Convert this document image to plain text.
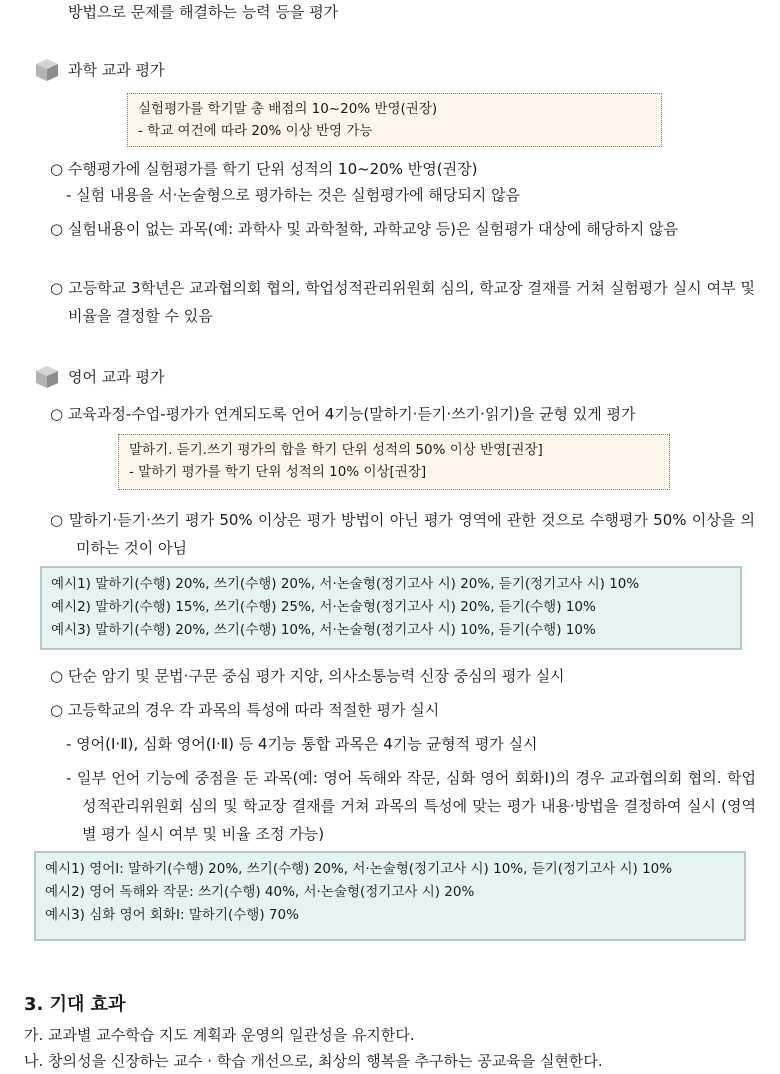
방법으로 문제를 해결하는 능력 등을 평가
과학 교과 평가
실험평가를 학기말 총 배점의 10~20% 반영(권장)
- 학교 여건에 따라 20% 이상 반영 가능
○ 수행평가에 실험평가를 학기 단위 성적의 10~20% 반영(권장)
- 실험 내용을 서·논술형으로 평가하는 것은 실험평가에 해당되지 않음
○ 실험내용이 없는 과목(예: 과학사 및 과학철학, 과학교양 등)은 실험평가 대상에 해당하지 않음
○ 고등학교 3학년은 교과협의회 협의, 학업성적관리위원회 심의, 학교장 결재를 거쳐 실험평가 실시 여부 및 비율을 결정할 수 있음
영어 교과 평가
○ 교육과정-수업-평가가 연계되도록 언어 4기능(말하기·듣기·쓰기·읽기)을 균형 있게 평가
말하기. 듣기.쓰기 평가의 합을 학기 단위 성적의 50% 이상 반영[권장]
- 말하기 평가를 학기 단위 성적의 10% 이상[권장]
○ 말하기·듣기·쓰기 평가 50% 이상은 평가 방법이 아닌 평가 영역에 관한 것으로 수행평가 50% 이상을 의미하는 것이 아님
예시1) 말하기(수행) 20%, 쓰기(수행) 20%, 서·논술형(정기고사 시) 20%, 듣기(정기고사 시) 10%
예시2) 말하기(수행) 15%, 쓰기(수행) 25%, 서·논술형(정기고사 시) 20%, 듣기(수행) 10%
예시3) 말하기(수행) 20%, 쓰기(수행) 10%, 서·논술형(정기고사 시) 10%, 듣기(수행) 10%
○ 단순 암기 및 문법·구문 중심 평가 지양, 의사소통능력 신장 중심의 평가 실시
○ 고등학교의 경우 각 과목의 특성에 따라 적절한 평가 실시
- 영어(Ⅰ·Ⅱ), 심화 영어(Ⅰ·Ⅱ) 등 4기능 통합 과목은 4기능 균형적 평가 실시
- 일부 언어 기능에 중점을 둔 과목(예: 영어 독해와 작문, 심화 영어 회화Ⅰ)의 경우 교과협의회 협의. 학업성적관리위원회 심의 및 학교장 결재를 거쳐 과목의 특성에 맞는 평가 내용·방법을 결정하여 실시 (영역별 평가 실시 여부 및 비율 조정 가능)
예시1) 영어Ⅰ: 말하기(수행) 20%, 쓰기(수행) 20%, 서·논술형(정기고사 시) 10%, 듣기(정기고사 시) 10%
예시2) 영어 독해와 작문: 쓰기(수행) 40%, 서·논술형(정기고사 시) 20%
예시3) 심화 영어 회화Ⅰ: 말하기(수행) 70%
3. 기대 효과
가. 교과별 교수학습 지도 계획과 운영의 일관성을 유지한다.
나. 창의성을 신장하는 교수 · 학습 개선으로, 최상의 행복을 추구하는 공교육을 실현한다.
